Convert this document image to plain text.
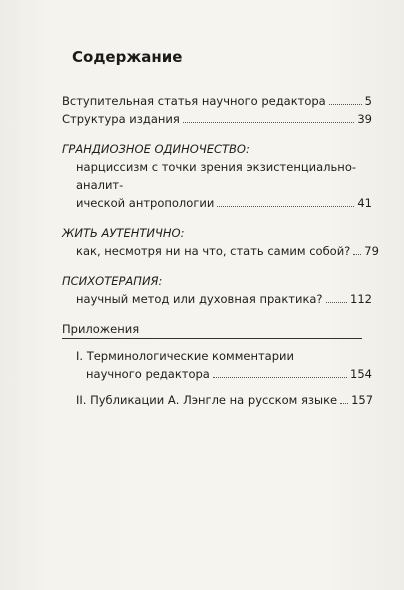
Содержание
Вступительная статья научного редактора	5
Структура издания	39
ГРАНДИОЗНОЕ ОДИНОЧЕСТВО:
нарциссизм с точки зрения экзистенциально-аналит-
ической антропологии	41
ЖИТЬ АУТЕНТИЧНО:
как, несмотря ни на что, стать самим собой? 79
ПСИХОТЕРАПИЯ:
научный метод или духовная практика? 112
Приложения
I. Терминологические комментарии
научного редактора	154
II. Публикации А. Лэнгле на русском языке 157
